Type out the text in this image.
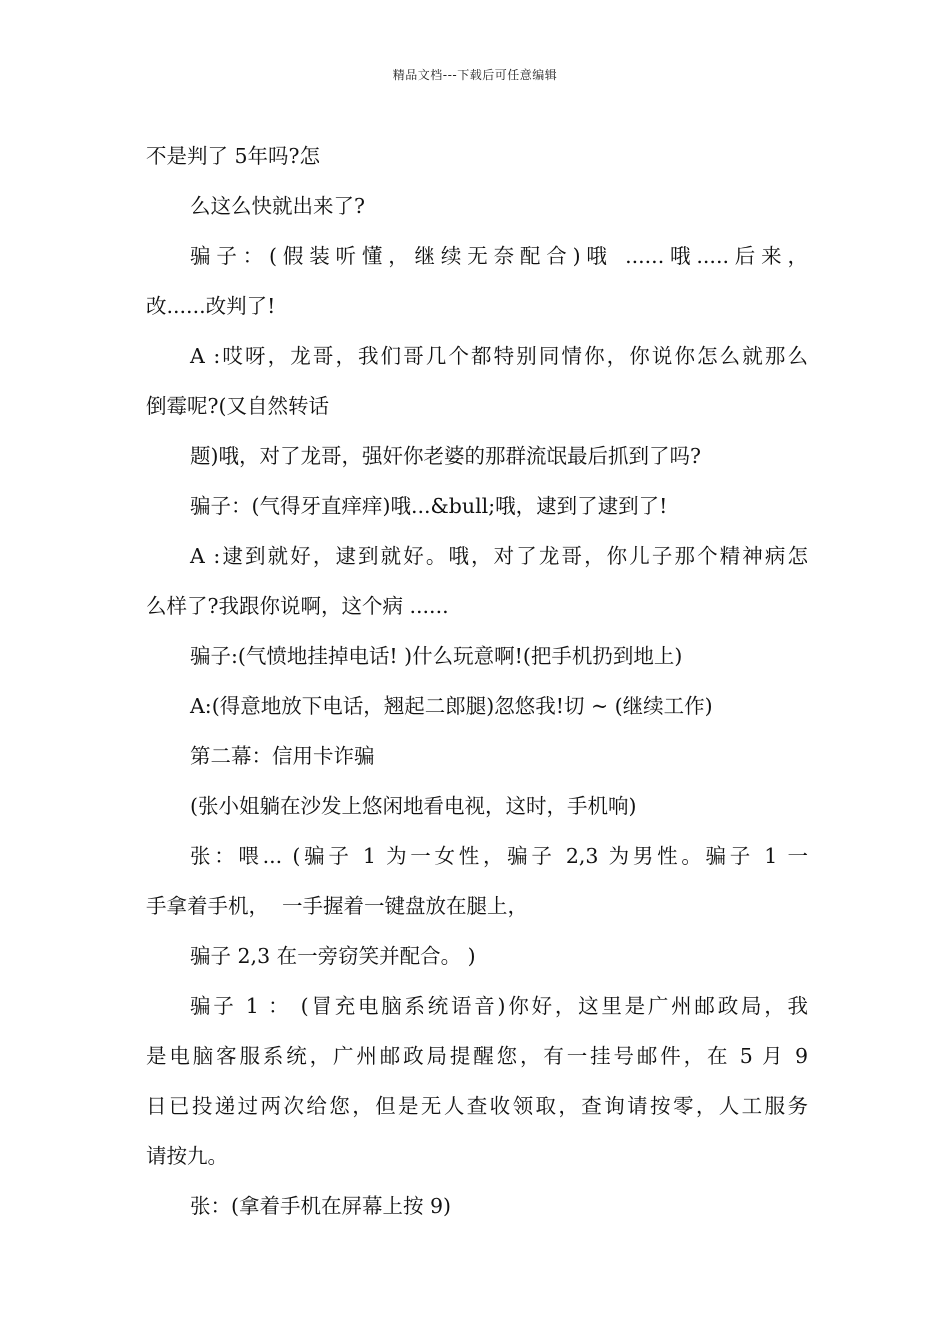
精品文档---下载后可任意编辑
不是判了 5年吗?怎
么这么快就出来了?
骗子：(假装听懂，继续无奈配合)哦 ......哦.....后来，
改......改判了!
A :哎呀，龙哥，我们哥几个都特别同情你，你说你怎么就那么
倒霉呢?(又自然转话
题)哦，对了龙哥，强奸你老婆的那群流氓最后抓到了吗?
骗子：(气得牙直痒痒)哦...&bull;哦，逮到了逮到了!
A :逮到就好，逮到就好。哦，对了龙哥，你儿子那个精神病怎
么样了?我跟你说啊，这个病 ......
骗子:(气愤地挂掉电话! )什么玩意啊!(把手机扔到地上)
A:(得意地放下电话，翘起二郎腿)忽悠我!切 ~ (继续工作)
第二幕：信用卡诈骗
(张小姐躺在沙发上悠闲地看电视，这时，手机响)
张：喂... (骗子 1 为一女性，骗子 2,3 为男性。骗子 1 一
手拿着手机，  一手握着一键盘放在腿上，
骗子 2,3 在一旁窃笑并配合。 )
骗子 1 ： (冒充电脑系统语音)你好，这里是广州邮政局，我
是电脑客服系统，广州邮政局提醒您，有一挂号邮件，在 5 月 9
日已投递过两次给您，但是无人查收领取，查询请按零，人工服务
请按九。
张：(拿着手机在屏幕上按 9)
